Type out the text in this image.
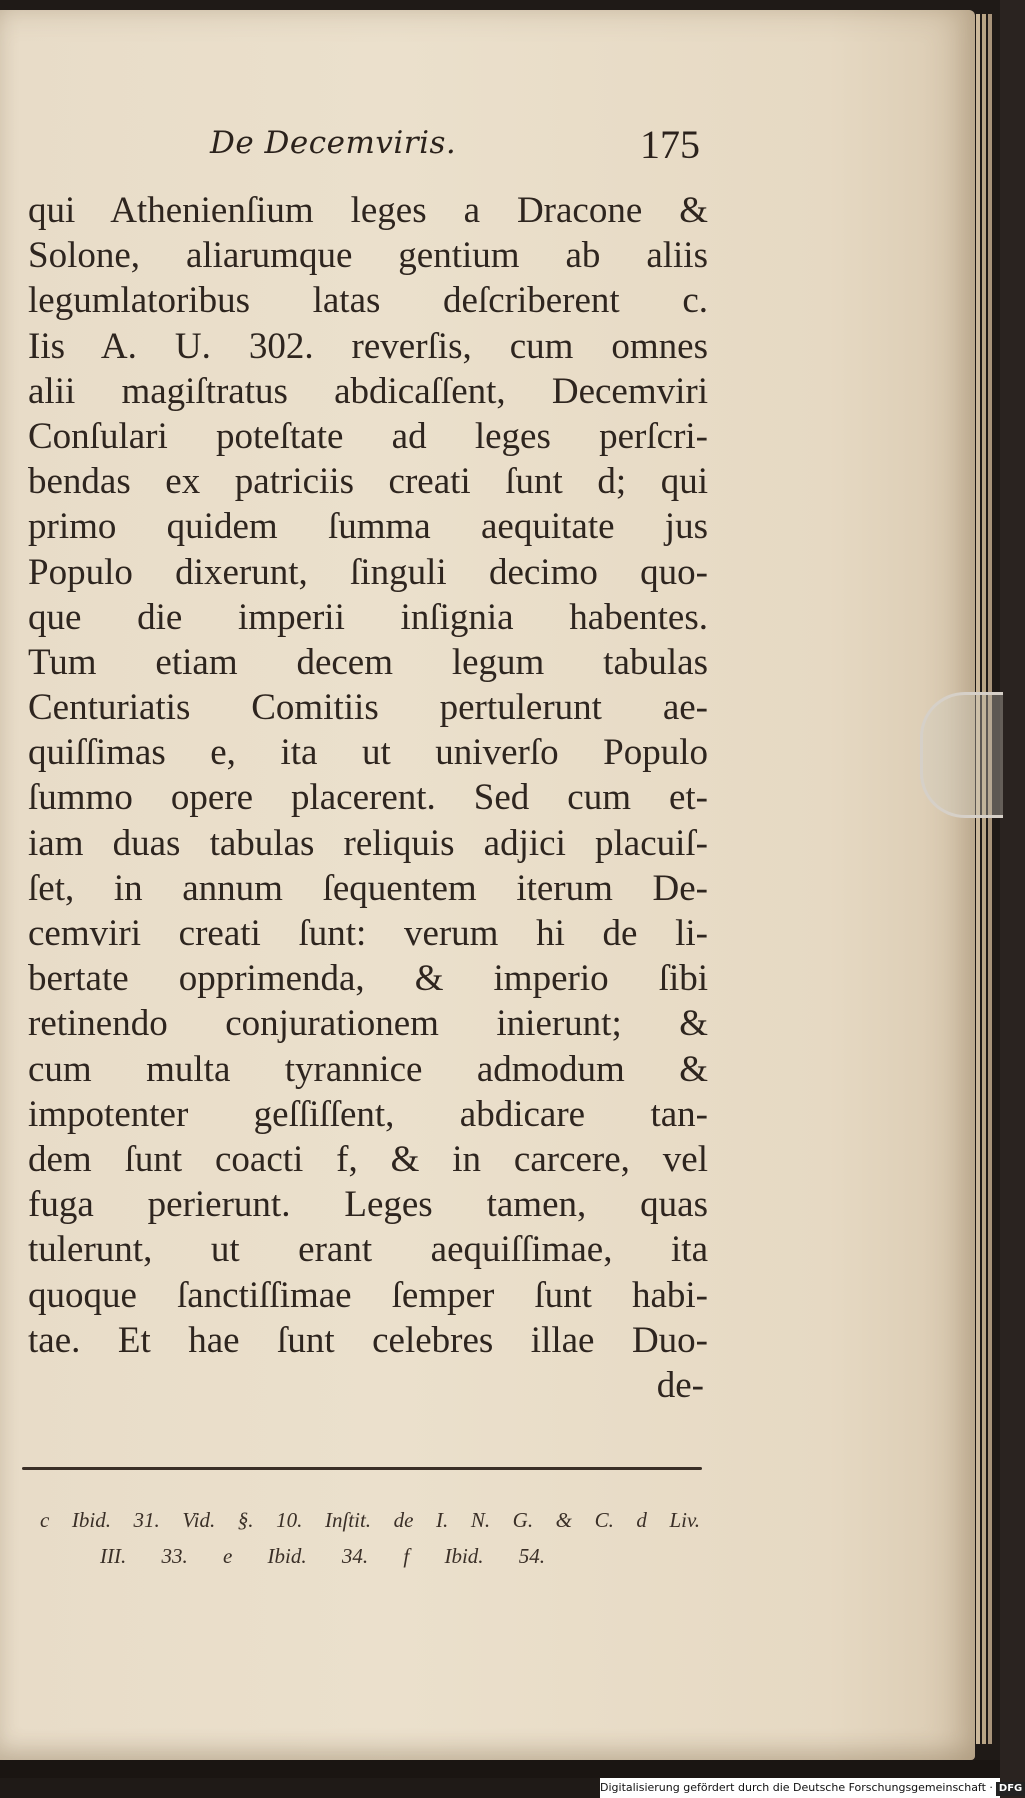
De Decemviris.	175
qui Athenienſium leges a Dracone &
Solone, aliarumque gentium ab aliis
legumlatoribus latas deſcriberent c.
Iis A. U. 302. reverſis, cum omnes
alii magiſtratus abdicaſſent, Decemviri
Conſulari poteſtate ad leges perſcri-
bendas ex patriciis creati ſunt d; qui
primo quidem ſumma aequitate jus
Populo dixerunt, ſinguli decimo quo-
que die imperii inſignia habentes.
Tum etiam decem legum tabulas
Centuriatis Comitiis pertulerunt ae-
quiſſimas e, ita ut univerſo Populo
ſummo opere placerent. Sed cum et-
iam duas tabulas reliquis adjici placuiſ-
ſet, in annum ſequentem iterum De-
cemviri creati ſunt: verum hi de li-
bertate opprimenda, & imperio ſibi
retinendo conjurationem inierunt; &
cum multa tyrannice admodum &
impotenter geſſiſſent, abdicare tan-
dem ſunt coacti f, & in carcere, vel
fuga perierunt. Leges tamen, quas
tulerunt, ut erant aequiſſimae, ita
quoque ſanctiſſimae ſemper ſunt habi-
tae. Et hae ſunt celebres illae Duo-
de-
c Ibid. 31. Vid. §. 10. Inſtit. de I. N. G. & C. d Liv.
III. 33. e Ibid. 34. f Ibid. 54.
Digitalisierung gefördert durch die Deutsche Forschungsgemeinschaft · DFG
